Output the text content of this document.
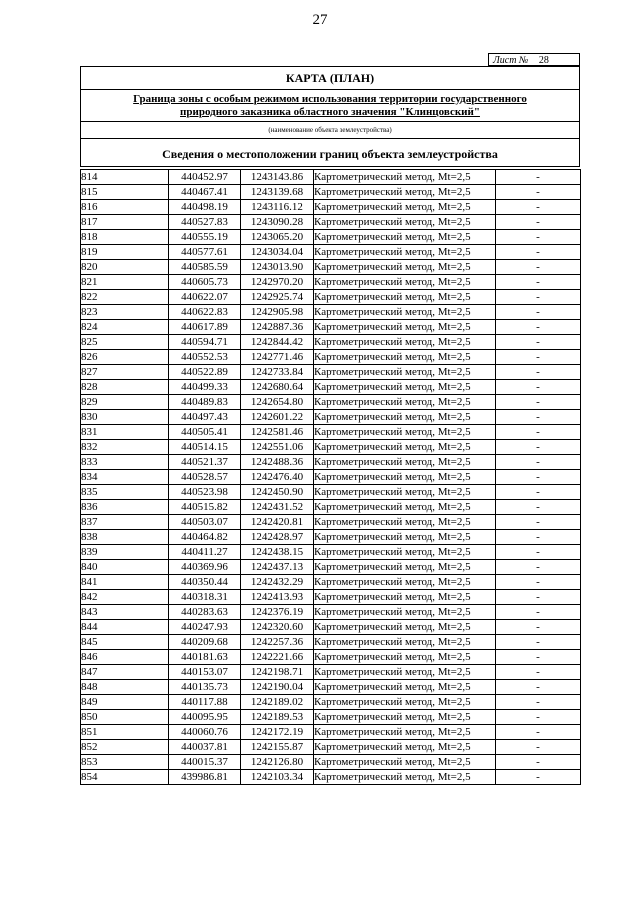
27
Лист № 28
КАРТА (ПЛАН)
Граница зоны с особым режимом использования территории государственного
природного заказника областного значения "Клинцовский"
(наименование объекта землеустройства)
Сведения о местоположении границ объекта землеустройства
814	440452.97	1243143.86	Картометрический метод, Mt=2,5	-
815	440467.41	1243139.68	Картометрический метод, Mt=2,5	-
816	440498.19	1243116.12	Картометрический метод, Mt=2,5	-
817	440527.83	1243090.28	Картометрический метод, Mt=2,5	-
818	440555.19	1243065.20	Картометрический метод, Mt=2,5	-
819	440577.61	1243034.04	Картометрический метод, Mt=2,5	-
820	440585.59	1243013.90	Картометрический метод, Mt=2,5	-
821	440605.73	1242970.20	Картометрический метод, Mt=2,5	-
822	440622.07	1242925.74	Картометрический метод, Mt=2,5	-
823	440622.83	1242905.98	Картометрический метод, Mt=2,5	-
824	440617.89	1242887.36	Картометрический метод, Mt=2,5	-
825	440594.71	1242844.42	Картометрический метод, Mt=2,5	-
826	440552.53	1242771.46	Картометрический метод, Mt=2,5	-
827	440522.89	1242733.84	Картометрический метод, Mt=2,5	-
828	440499.33	1242680.64	Картометрический метод, Mt=2,5	-
829	440489.83	1242654.80	Картометрический метод, Mt=2,5	-
830	440497.43	1242601.22	Картометрический метод, Mt=2,5	-
831	440505.41	1242581.46	Картометрический метод, Mt=2,5	-
832	440514.15	1242551.06	Картометрический метод, Mt=2,5	-
833	440521.37	1242488.36	Картометрический метод, Mt=2,5	-
834	440528.57	1242476.40	Картометрический метод, Mt=2,5	-
835	440523.98	1242450.90	Картометрический метод, Mt=2,5	-
836	440515.82	1242431.52	Картометрический метод, Mt=2,5	-
837	440503.07	1242420.81	Картометрический метод, Mt=2,5	-
838	440464.82	1242428.97	Картометрический метод, Mt=2,5	-
839	440411.27	1242438.15	Картометрический метод, Mt=2,5	-
840	440369.96	1242437.13	Картометрический метод, Mt=2,5	-
841	440350.44	1242432.29	Картометрический метод, Mt=2,5	-
842	440318.31	1242413.93	Картометрический метод, Mt=2,5	-
843	440283.63	1242376.19	Картометрический метод, Mt=2,5	-
844	440247.93	1242320.60	Картометрический метод, Mt=2,5	-
845	440209.68	1242257.36	Картометрический метод, Mt=2,5	-
846	440181.63	1242221.66	Картометрический метод, Mt=2,5	-
847	440153.07	1242198.71	Картометрический метод, Mt=2,5	-
848	440135.73	1242190.04	Картометрический метод, Mt=2,5	-
849	440117.88	1242189.02	Картометрический метод, Mt=2,5	-
850	440095.95	1242189.53	Картометрический метод, Mt=2,5	-
851	440060.76	1242172.19	Картометрический метод, Mt=2,5	-
852	440037.81	1242155.87	Картометрический метод, Mt=2,5	-
853	440015.37	1242126.80	Картометрический метод, Mt=2,5	-
854	439986.81	1242103.34	Картометрический метод, Mt=2,5	-
